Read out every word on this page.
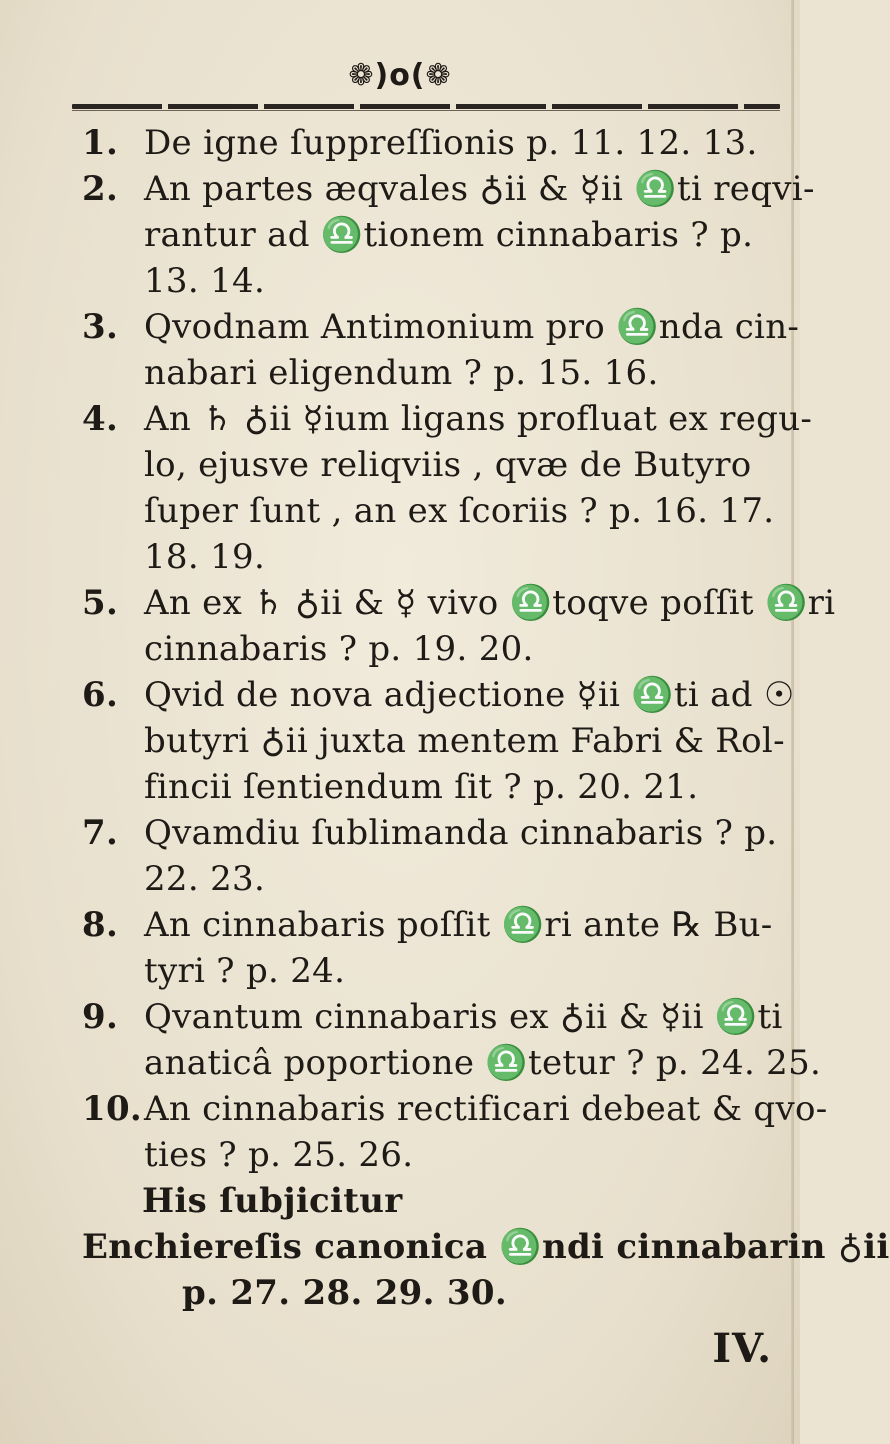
❁)o(❁
1. De igne ſuppreſſionis p. 11. 12. 13.
2. An partes æqvales ♁ii & ☿ii ♎ti reqvi-
rantur ad ♎tionem cinnabaris ? p.
13. 14.
3. Qvodnam Antimonium pro ♎nda cin-
nabari eligendum ? p. 15. 16.
4. An ♄ ♁ii ☿ium ligans profluat ex regu-
lo, ejusve reliqviis , qvæ de Butyro
ſuper ſunt , an ex ſcoriis ? p. 16. 17.
18. 19.
5. An ex ♄ ♁ii & ☿ vivo ♎toqve poſſit ♎ri
cinnabaris ? p. 19. 20.
6. Qvid de nova adjectione ☿ii ♎ti ad ☉
butyri ♁ii juxta mentem Fabri & Rol-
fincii ſentiendum ſit ? p. 20. 21.
7. Qvamdiu ſublimanda cinnabaris ? p.
22. 23.
8. An cinnabaris poſſit ♎ri ante ℞ Bu-
tyri ? p. 24.
9. Qvantum cinnabaris ex ♁ii & ☿ii ♎ti
anaticâ poportione ♎tetur ? p. 24. 25.
10. An cinnabaris rectificari debeat & qvo-
ties ? p. 25. 26.
His ſubjicitur
Enchiereſis canonica ♎ndi cinnabarin ♁ii
p. 27. 28. 29. 30.
IV.
